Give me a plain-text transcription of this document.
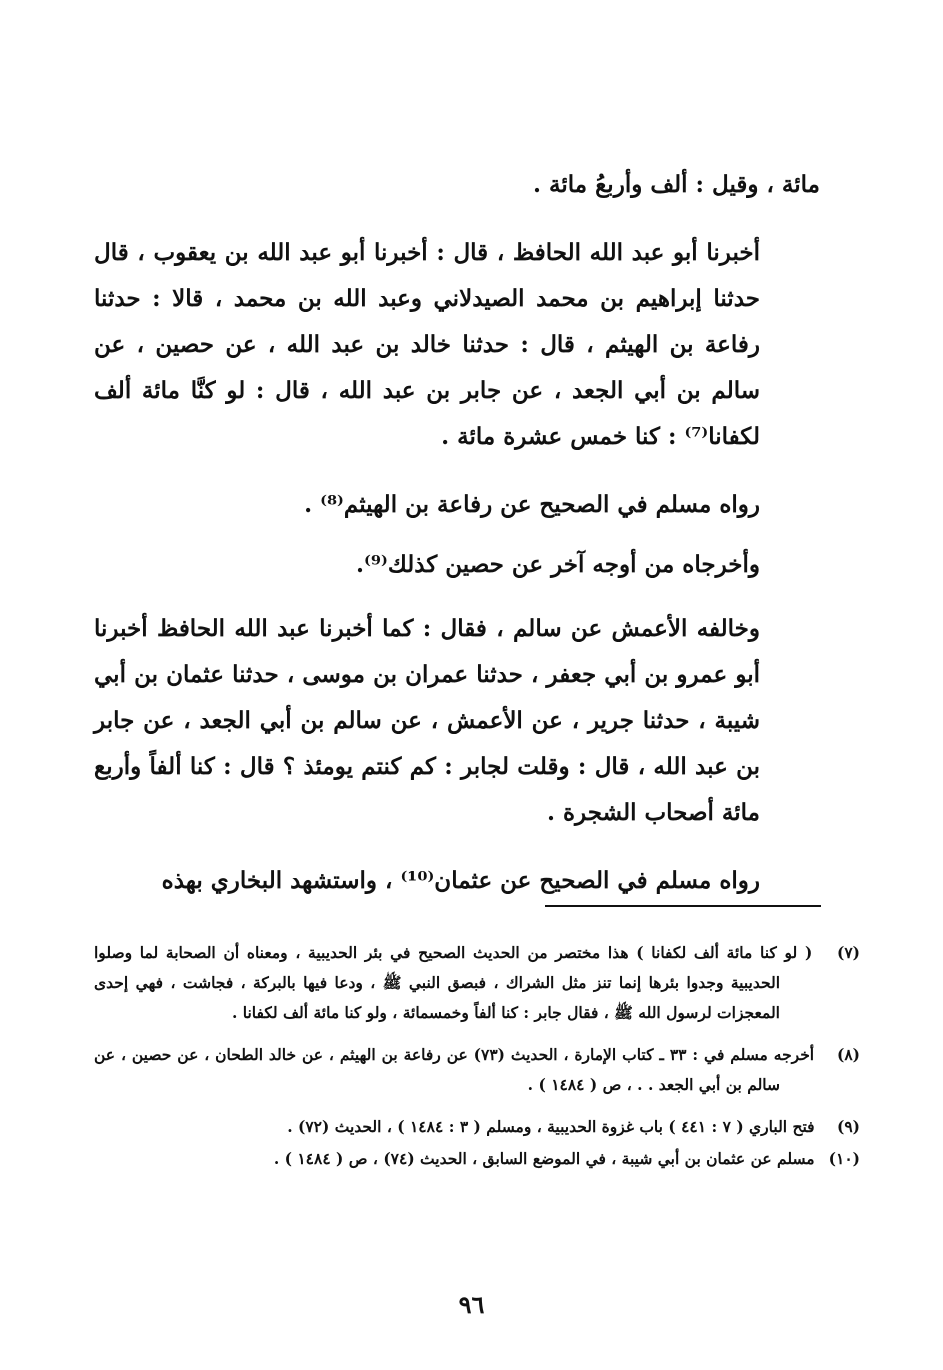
مائة ، وقيل : ألف وأربعُ مائة .

أخبرنا أبو عبد الله الحافظ ، قال : أخبرنا أبو عبد الله بن يعقوب ، قال حدثنا إبراهيم بن محمد الصيدلاني وعبد الله بن محمد ، قالا : حدثنا رفاعة بن الهيثم ، قال : حدثنا خالد بن عبد الله ، عن حصين ، عن سالم بن أبي الجعد ، عن جابر بن عبد الله ، قال : لو كنَّا مائة ألف لكفانا⁽⁷⁾ : كنا خمس عشرة مائة .

رواه مسلم في الصحيح عن رفاعة بن الهيثم⁽⁸⁾ .

وأخرجاه من أوجه آخر عن حصين كذلك⁽⁹⁾.

وخالفه الأعمش عن سالم ، فقال : كما أخبرنا عبد الله الحافظ أخبرنا أبو عمرو بن أبي جعفر ، حدثنا عمران بن موسى ، حدثنا عثمان بن أبي شيبة ، حدثنا جرير ، عن الأعمش ، عن سالم بن أبي الجعد ، عن جابر بن عبد الله ، قال : وقلت لجابر : كم كنتم يومئذ ؟ قال : كنا ألفاً وأربع مائة أصحاب الشجرة .

رواه مسلم في الصحيح عن عثمان⁽¹⁰⁾ ، واستشهد البخاري بهذه

(٧) ( لو كنا مائة ألف لكفانا ) هذا مختصر من الحديث الصحيح في بئر الحديبية ، ومعناه أن الصحابة لما وصلوا الحديبية وجدوا بئرها إنما تنز مثل الشراك ، فبصق النبي ﷺ ، ودعا فيها بالبركة ، فجاشت ، فهي إحدى المعجزات لرسول الله ﷺ ، فقال جابر : كنا ألفاً وخمسمائة ، ولو كنا مائة ألف لكفانا .

(٨) أخرجه مسلم في : ٣٣ ـ كتاب الإمارة ، الحديث (٧٣) عن رفاعة بن الهيثم ، عن خالد الطحان ، عن حصين ، عن سالم بن أبي الجعد . . ، ص ( ١٤٨٤ ) .

(٩) فتح الباري ( ٧ : ٤٤١ ) باب غزوة الحديبية ، ومسلم ( ٣ : ١٤٨٤ ) ، الحديث (٧٢) .

(١٠) مسلم عن عثمان بن أبي شيبة ، في الموضع السابق ، الحديث (٧٤) ، ص ( ١٤٨٤ ) .

٩٦
